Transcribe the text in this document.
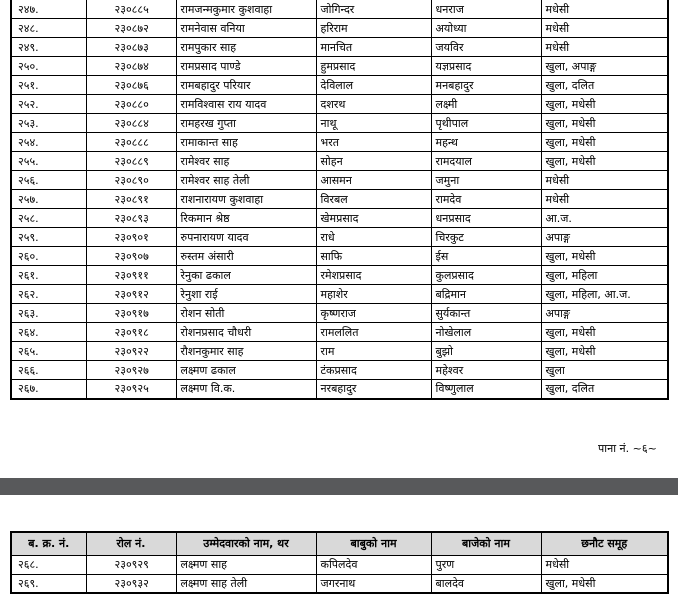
२४७.	२३०८८५	रामजन्मकुमार कुशवाहा	जोगिन्दर	धनराज	मधेसी
२४८.	२३०८७२	रामनेवास वनिया	हरिराम	अयोध्या	मधेसी
२४९.	२३०८७३	रामपुकार साह	मानचित	जयविर	मधेसी
२५०.	२३०८७४	रामप्रसाद पाण्डे	हुमप्रसाद	यज्ञप्रसाद	खुला, अपाङ्ग
२५१.	२३०८७६	रामबहादुर परियार	देविलाल	मनबहादुर	खुला, दलित
२५२.	२३०८८०	रामविश्वास राय यादव	दशरथ	लक्ष्मी	खुला, मधेसी
२५३.	२३०८८४	रामहरख गुप्ता	नाथू	पृथीपाल	खुला, मधेसी
२५४.	२३०८८८	रामाकान्त साह	भरत	महन्थ	खुला, मधेसी
२५५.	२३०८८९	रामेश्वर साह	सोहन	रामदयाल	खुला, मधेसी
२५६.	२३०८९०	रामेश्वर साह तेली	आसमन	जमुना	मधेसी
२५७.	२३०८९१	राशनारायण कुशवाहा	विरबल	रामदेव	मधेसी
२५८.	२३०८९३	रिकमान श्रेष्ठ	खेमप्रसाद	धनप्रसाद	आ.ज.
२५९.	२३०९०१	रुपनारायण यादव	राधे	चिरकुट	अपाङ्ग
२६०.	२३०९०७	रुस्तम अंसारी	साफि	ईस	खुला, मधेसी
२६१.	२३०९११	रेनुका ढकाल	रमेशप्रसाद	कुलप्रसाद	खुला, महिला
२६२.	२३०९१२	रेनुशा राई	महाशेर	बद्रिमान	खुला, महिला, आ.ज.
२६३.	२३०९१७	रोशन सोती	कृष्णराज	सुर्यकान्त	अपाङ्ग
२६४.	२३०९१८	रोशनप्रसाद चौधरी	रामललित	नोखेलाल	खुला, मधेसी
२६५.	२३०९२२	रौशनकुमार साह	राम	बुझो	खुला, मधेसी
२६६.	२३०९२७	लक्ष्मण ढकाल	टंकप्रसाद	महेश्वर	खुला
२६७.	२३०९२५	लक्ष्मण वि.क.	नरबहादुर	विष्णुलाल	खुला, दलित
पाना नं. ~६~
ब. क्र. नं.	रोल नं.	उम्मेदवारको नाम, थर	बाबुको नाम	बाजेको नाम	छनौट समूह
२६८.	२३०९२९	लक्ष्मण साह	कपिलदेव	पुरण	मधेसी
२६९.	२३०९३२	लक्ष्मण साह तेली	जगरनाथ	बालदेव	खुला, मधेसी
